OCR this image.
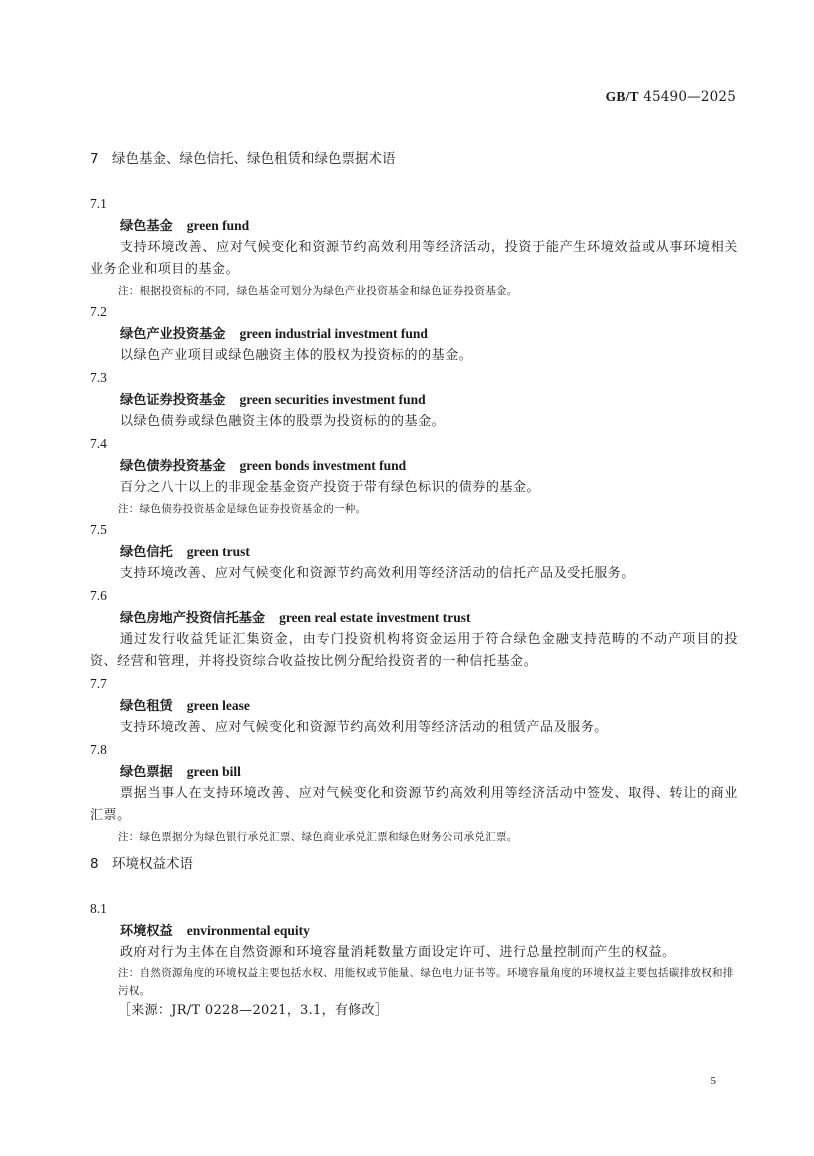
GB/T 45490—2025
7 绿色基金、绿色信托、绿色租赁和绿色票据术语
7.1
绿色基金 green fund
支持环境改善、应对气候变化和资源节约高效利用等经济活动，投资于能产生环境效益或从事环境相关业务企业和项目的基金。
注：根据投资标的不同，绿色基金可划分为绿色产业投资基金和绿色证券投资基金。
7.2
绿色产业投资基金 green industrial investment fund
以绿色产业项目或绿色融资主体的股权为投资标的的基金。
7.3
绿色证券投资基金 green securities investment fund
以绿色债券或绿色融资主体的股票为投资标的的基金。
7.4
绿色债券投资基金 green bonds investment fund
百分之八十以上的非现金基金资产投资于带有绿色标识的债券的基金。
注：绿色债券投资基金是绿色证券投资基金的一种。
7.5
绿色信托 green trust
支持环境改善、应对气候变化和资源节约高效利用等经济活动的信托产品及受托服务。
7.6
绿色房地产投资信托基金 green real estate investment trust
通过发行收益凭证汇集资金，由专门投资机构将资金运用于符合绿色金融支持范畴的不动产项目的投资、经营和管理，并将投资综合收益按比例分配给投资者的一种信托基金。
7.7
绿色租赁 green lease
支持环境改善、应对气候变化和资源节约高效利用等经济活动的租赁产品及服务。
7.8
绿色票据 green bill
票据当事人在支持环境改善、应对气候变化和资源节约高效利用等经济活动中签发、取得、转让的商业汇票。
注：绿色票据分为绿色银行承兑汇票、绿色商业承兑汇票和绿色财务公司承兑汇票。
8 环境权益术语
8.1
环境权益 environmental equity
政府对行为主体在自然资源和环境容量消耗数量方面设定许可、进行总量控制而产生的权益。
注：自然资源角度的环境权益主要包括水权、用能权或节能量、绿色电力证书等。环境容量角度的环境权益主要包括碳排放权和排污权。
［来源：JR/T 0228—2021，3.1，有修改］
5
